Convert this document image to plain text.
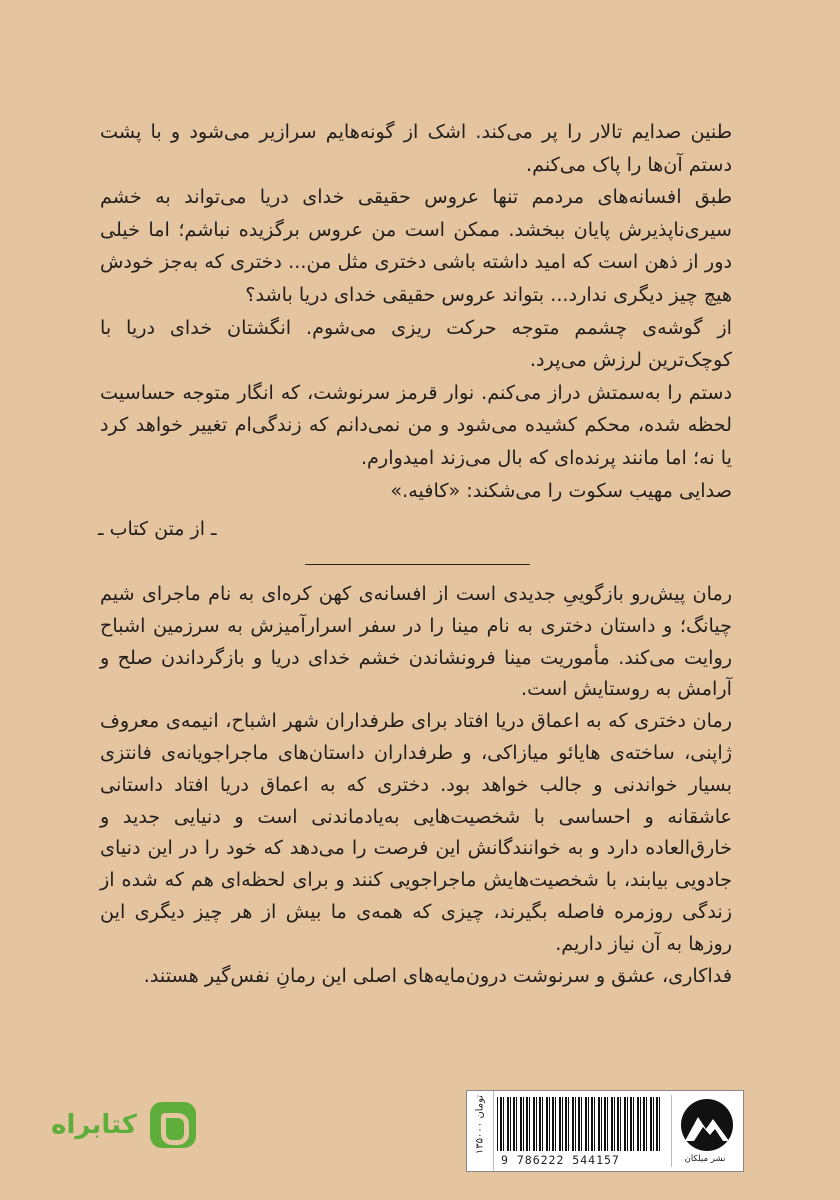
طنین صدایم تالار را پر می‌کند. اشک از گونه‌هایم سرازیر می‌شود و با پشت دستم آن‌ها را پاک می‌کنم.

طبق افسانه‌های مردمم تنها عروس حقیقی خدای دریا می‌تواند به خشم سیری‌ناپذیرش پایان ببخشد. ممکن است من عروس برگزیده نباشم؛ اما خیلی دور از ذهن است که امید داشته باشی دختری مثل من... دختری که به‌جز خودش هیچ چیز دیگری ندارد... بتواند عروس حقیقی خدای دریا باشد؟

از گوشه‌ی چشمم متوجه حرکت ریزی می‌شوم. انگشتان خدای دریا با کوچک‌ترین لرزش می‌پرد.

دستم را به‌سمتش دراز می‌کنم. نوار قرمز سرنوشت، که انگار متوجه حساسیت لحظه شده، محکم کشیده می‌شود و من نمی‌دانم که زندگی‌ام تغییر خواهد کرد یا نه؛ اما مانند پرنده‌ای که بال می‌زند امیدوارم.

صدایی مهیب سکوت را می‌شکند: «کافیه.»

ـ از متن کتاب ـ

رمان پیش‌رو بازگوییِ جدیدی است از افسانه‌ی کهن کره‌ای به نام ماجرای شیم چیانگ؛ و داستان دختری به نام مینا را در سفر اسرارآمیزش به سرزمین اشباح روایت می‌کند. مأموریت مینا فرونشاندن خشم خدای دریا و بازگرداندن صلح و آرامش به روستایش است.

رمان دختری که به اعماق دریا افتاد برای طرفداران شهر اشباح، انیمه‌ی معروف ژاپنی، ساخته‌ی هایائو میازاکی، و طرفداران داستان‌های ماجراجویانه‌ی فانتزی بسیار خواندنی و جالب خواهد بود. دختری که به اعماق دریا افتاد داستانی عاشقانه و احساسی با شخصیت‌هایی به‌یادماندنی است و دنیایی جدید و خارق‌العاده دارد و به خوانندگانش این فرصت را می‌دهد که خود را در این دنیای جادویی بیابند، با شخصیت‌هایش ماجراجویی کنند و برای لحظه‌ای هم که شده از زندگی روزمره فاصله بگیرند، چیزی که همه‌ی ما بیش از هر چیز دیگری این روزها به آن نیاز داریم.

فداکاری، عشق و سرنوشت درون‌مایه‌های اصلی این رمانِ نفس‌گیر هستند.

کتابراه	۱۳۵۰۰۰ تومان
9 786222 544157	نشر میلکان
